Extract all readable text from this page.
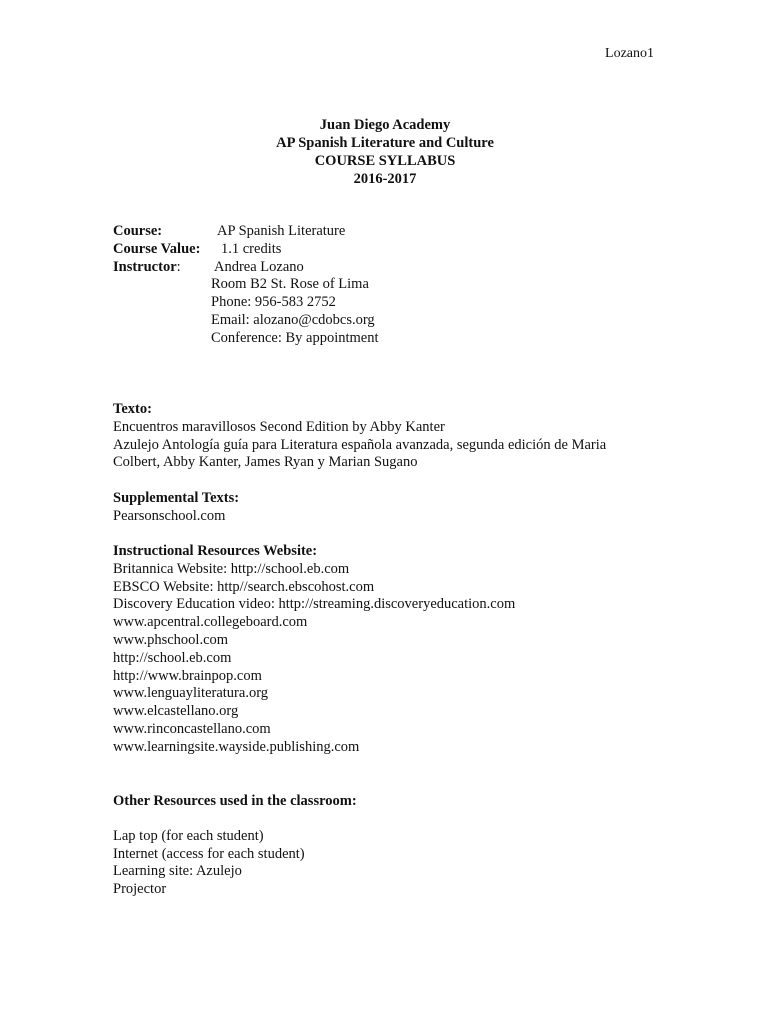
Lozano1
Juan Diego Academy
AP Spanish Literature and Culture
COURSE SYLLABUS
2016-2017
Course:	AP Spanish Literature
Course Value: 1.1 credits
Instructor: Andrea Lozano
Room B2 St. Rose of Lima
Phone: 956-583 2752
Email: alozano@cdobcs.org
Conference: By appointment
Texto:
Encuentros maravillosos Second Edition by Abby Kanter
Azulejo Antología guía para Literatura española avanzada, segunda edición de Maria
Colbert, Abby Kanter, James Ryan y Marian Sugano
Supplemental Texts:
Pearsonschool.com
Instructional Resources Website:
Britannica Website: http://school.eb.com
EBSCO Website: http//search.ebscohost.com
Discovery Education video: http://streaming.discoveryeducation.com
www.apcentral.collegeboard.com
www.phschool.com
http://school.eb.com
http://www.brainpop.com
www.lenguayliteratura.org
www.elcastellano.org
www.rinconcastellano.com
www.learningsite.wayside.publishing.com
Other Resources used in the classroom:
Lap top (for each student)
Internet (access for each student)
Learning site: Azulejo
Projector
